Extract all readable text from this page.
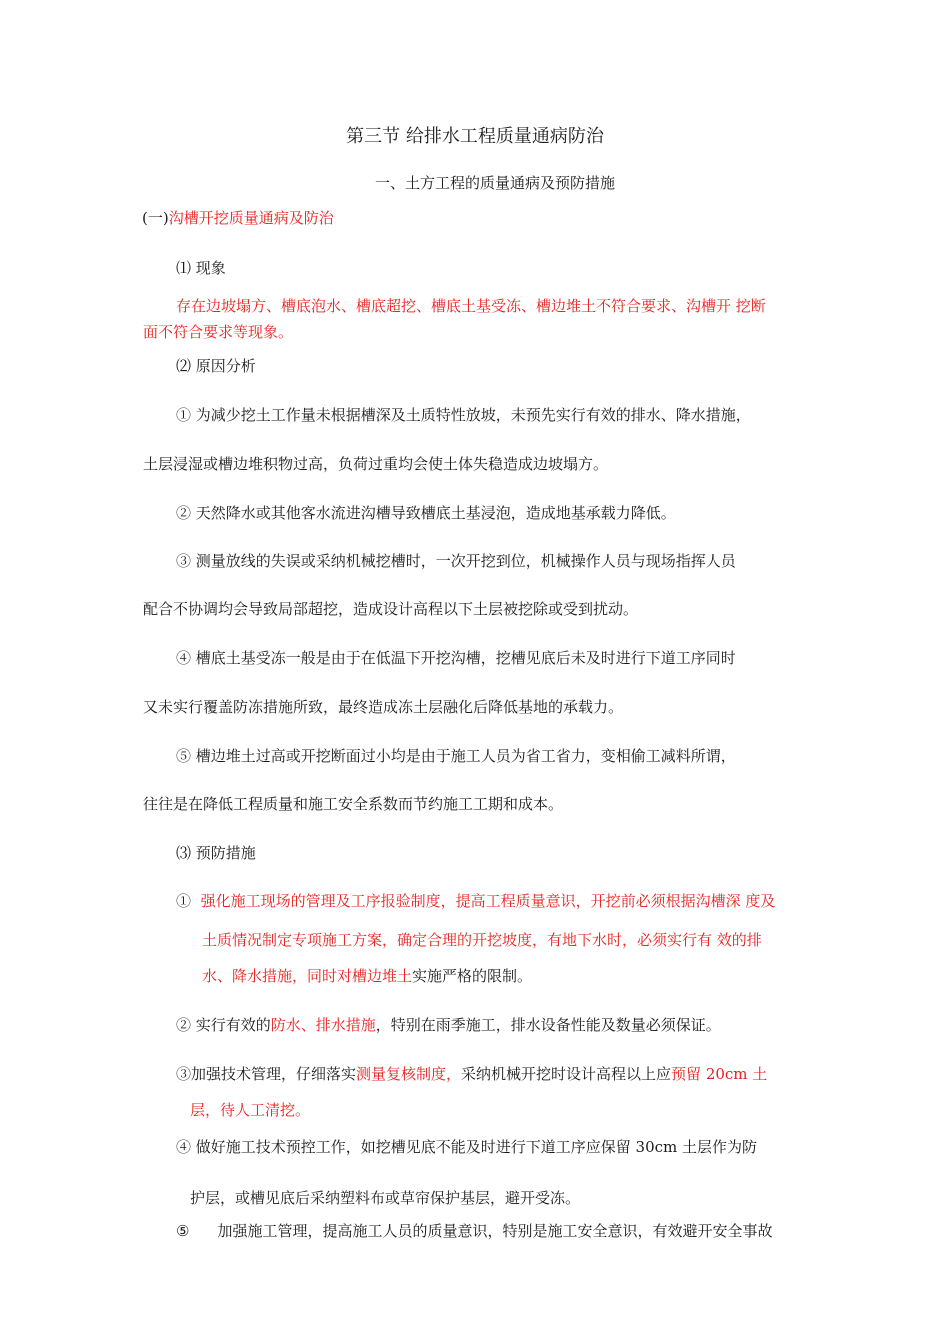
第三节 给排水工程质量通病防治
一、土方工程的质量通病及预防措施
(一)沟槽开挖质量通病及防治
⑴ 现象
存在边坡塌方、槽底泡水、槽底超挖、槽底土基受冻、槽边堆土不符合要求、沟槽开 挖断
面不符合要求等现象。
⑵ 原因分析
① 为减少挖土工作量未根据槽深及土质特性放坡，未预先实行有效的排水、降水措施，
土层浸湿或槽边堆积物过高，负荷过重均会使土体失稳造成边坡塌方。
② 天然降水或其他客水流进沟槽导致槽底土基浸泡，造成地基承载力降低。
③ 测量放线的失误或采纳机械挖槽时，一次开挖到位，机械操作人员与现场指挥人员
配合不协调均会导致局部超挖，造成设计高程以下土层被挖除或受到扰动。
④ 槽底土基受冻一般是由于在低温下开挖沟槽，挖槽见底后未及时进行下道工序同时
又未实行覆盖防冻措施所致，最终造成冻土层融化后降低基地的承载力。
⑤ 槽边堆土过高或开挖断面过小均是由于施工人员为省工省力，变相偷工减料所谓，
往往是在降低工程质量和施工安全系数而节约施工工期和成本。
⑶ 预防措施
① 强化施工现场的管理及工序报验制度，提高工程质量意识，开挖前必须根据沟槽深 度及
土质情况制定专项施工方案，确定合理的开挖坡度，有地下水时，必须实行有 效的排
水、降水措施，同时对槽边堆土实施严格的限制。
② 实行有效的防水、排水措施，特别在雨季施工，排水设备性能及数量必须保证。
③加强技术管理，仔细落实测量复核制度，采纳机械开挖时设计高程以上应预留 20cm 土
层，待人工清挖。
④ 做好施工技术预控工作，如挖槽见底不能及时进行下道工序应保留 30cm 土层作为防
护层，或槽见底后采纳塑料布或草帘保护基层，避开受冻。
⑤ 加强施工管理，提高施工人员的质量意识，特别是施工安全意识，有效避开安全事故
